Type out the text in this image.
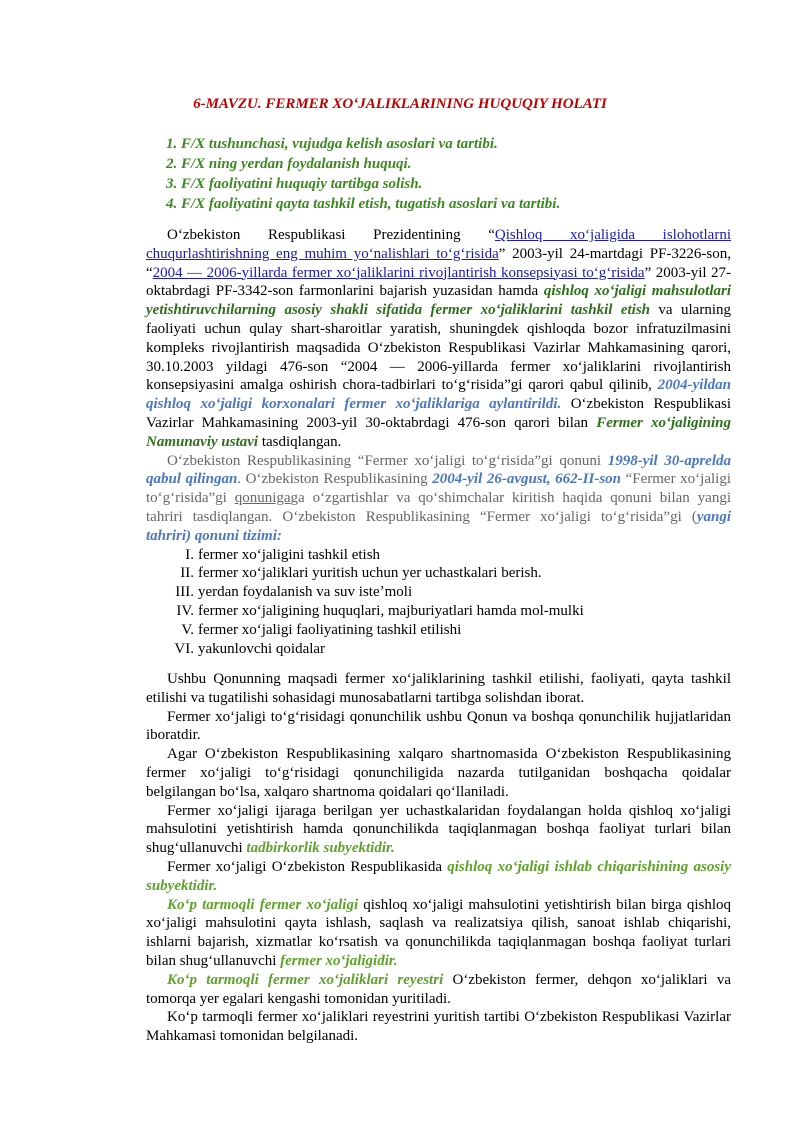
6-MAVZU. FERMER XOʻJALIKLARINING HUQUQIY HOLATI
1. F/X tushunchasi, vujudga kelish asoslari va tartibi.
2. F/X ning yerdan foydalanish huquqi.
3. F/X faoliyatini huquqiy tartibga solish.
4. F/X faoliyatini qayta tashkil etish, tugatish asoslari va tartibi.

Oʻzbekiston Respublikasi Prezidentining “Qishloq xoʻjaligida islohotlarni chuqurlashtirishning eng muhim yoʻnalishlari toʻgʻrisida” 2003-yil 24-martdagi PF-3226-son, “2004 — 2006-yillarda fermer xoʻjaliklarini rivojlantirish konsepsiyasi toʻgʻrisida” 2003-yil 27-oktabrdagi PF-3342-son farmonlarini bajarish yuzasidan hamda qishloq xoʻjaligi mahsulotlari yetishtiruvchilarning asosiy shakli sifatida fermer xoʻjaliklarini tashkil etish va ularning faoliyati uchun qulay shart-sharoitlar yaratish, shuningdek qishloqda bozor infratuzilmasini kompleks rivojlantirish maqsadida Oʻzbekiston Respublikasi Vazirlar Mahkamasining qarori, 30.10.2003 yildagi 476-son “2004 — 2006-yillarda fermer xoʻjaliklarini rivojlantirish konsepsiyasini amalga oshirish chora-tadbirlari toʻgʻrisida”gi qarori qabul qilinib, 2004-yildan qishloq xoʻjaligi korxonalari fermer xoʻjaliklariga aylantirildi. Oʻzbekiston Respublikasi Vazirlar Mahkamasining 2003-yil 30-oktabrdagi 476-son qarori bilan Fermer xoʻjaligining Namunaviy ustavi tasdiqlangan.

Oʻzbekiston Respublikasining “Fermer xoʻjaligi toʻgʻrisida”gi qonuni 1998-yil 30-aprelda qabul qilingan. Oʻzbekiston Respublikasining 2004-yil 26-avgust, 662-II-son “Fermer xoʻjaligi toʻgʻrisida”gi qonunigaga oʻzgartishlar va qoʻshimchalar kiritish haqida qonuni bilan yangi tahriri tasdiqlangan. Oʻzbekiston Respublikasining “Fermer xoʻjaligi toʻgʻrisida”gi (yangi tahriri) qonuni tizimi:

I. fermer xoʻjaligini tashkil etish
II. fermer xoʻjaliklari yuritish uchun yer uchastkalari berish.
III. yerdan foydalanish va suv isteʼmoli
IV. fermer xoʻjaligining huquqlari, majburiyatlari hamda mol-mulki
V. fermer xoʻjaligi faoliyatining tashkil etilishi
VI. yakunlovchi qoidalar

Ushbu Qonunning maqsadi fermer xoʻjaliklarining tashkil etilishi, faoliyati, qayta tashkil etilishi va tugatilishi sohasidagi munosabatlarni tartibga solishdan iborat.

Fermer xoʻjaligi toʻgʻrisidagi qonunchilik ushbu Qonun va boshqa qonunchilik hujjatlaridan iboratdir.

Agar Oʻzbekiston Respublikasining xalqaro shartnomasida Oʻzbekiston Respublikasining fermer xoʻjaligi toʻgʻrisidagi qonunchiligida nazarda tutilganidan boshqacha qoidalar belgilangan boʻlsa, xalqaro shartnoma qoidalari qoʻllaniladi.

Fermer xoʻjaligi ijaraga berilgan yer uchastkalaridan foydalangan holda qishloq xoʻjaligi mahsulotini yetishtirish hamda qonunchilikda taqiqlanmagan boshqa faoliyat turlari bilan shugʻullanuvchi tadbirkorlik subyektidir.

Fermer xoʻjaligi Oʻzbekiston Respublikasida qishloq xoʻjaligi ishlab chiqarishining asosiy subyektidir.

Koʻp tarmoqli fermer xoʻjaligi qishloq xoʻjaligi mahsulotini yetishtirish bilan birga qishloq xoʻjaligi mahsulotini qayta ishlash, saqlash va realizatsiya qilish, sanoat ishlab chiqarishi, ishlarni bajarish, xizmatlar koʻrsatish va qonunchilikda taqiqlanmagan boshqa faoliyat turlari bilan shugʻullanuvchi fermer xoʻjaligidir.

Koʻp tarmoqli fermer xoʻjaliklari reyestri Oʻzbekiston fermer, dehqon xoʻjaliklari va tomorqa yer egalari kengashi tomonidan yuritiladi.

Koʻp tarmoqli fermer xoʻjaliklari reyestrini yuritish tartibi Oʻzbekiston Respublikasi Vazirlar Mahkamasi tomonidan belgilanadi.
